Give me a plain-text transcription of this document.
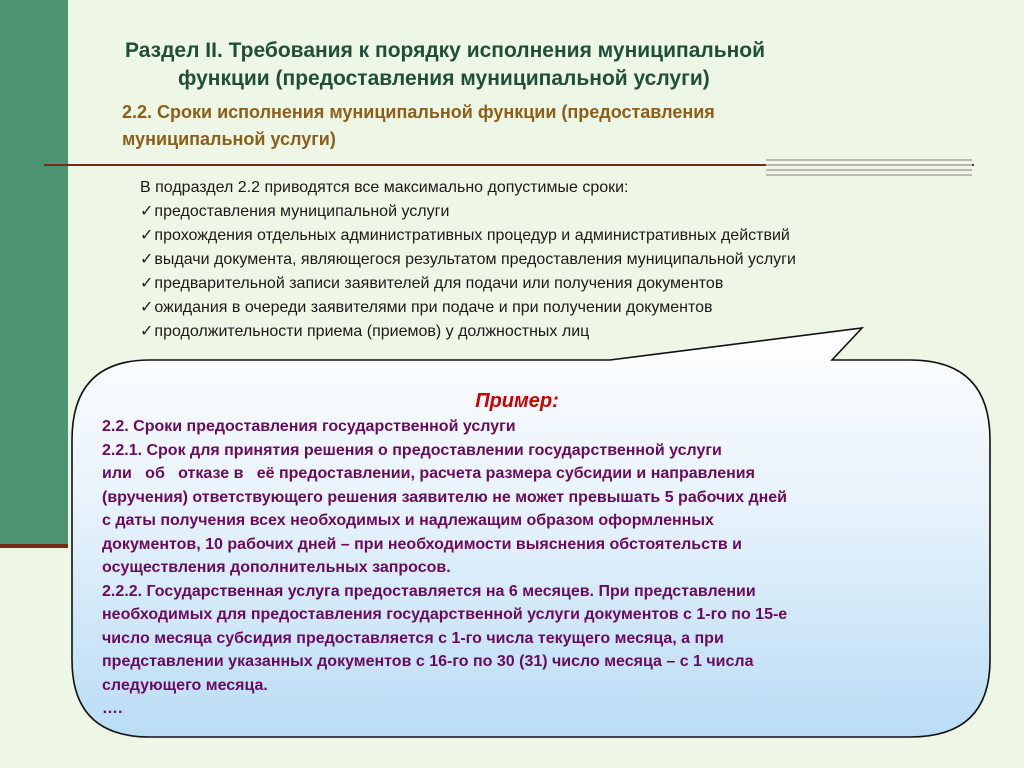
Раздел II. Требования к порядку исполнения муниципальной
функции (предоставления муниципальной услуги)
2.2. Сроки исполнения муниципальной функции (предоставления
муниципальной услуги)
В подраздел 2.2 приводятся все максимально допустимые сроки:
✓предоставления муниципальной услуги
✓прохождения отдельных административных процедур и административных действий
✓выдачи документа, являющегося результатом предоставления муниципальной услуги
✓предварительной записи заявителей для подачи или получения документов
✓ожидания в очереди заявителями при подаче и при получении документов
✓продолжительности приема (приемов) у должностных лиц
Пример:
2.2. Сроки предоставления государственной услуги
2.2.1. Срок для принятия решения о предоставлении государственной услуги
или   об   отказе в   её предоставлении, расчета размера субсидии и направления
(вручения) ответствующего решения заявителю не может превышать 5 рабочих дней
с даты получения всех необходимых и надлежащим образом оформленных
документов, 10 рабочих дней – при необходимости выяснения обстоятельств и
осуществления дополнительных запросов.
2.2.2. Государственная услуга предоставляется на 6 месяцев. При представлении
необходимых для предоставления государственной услуги документов с 1-го по 15-е
число месяца субсидия предоставляется с 1-го числа текущего месяца, а при
представлении указанных документов с 16-го по 30 (31) число месяца – с 1 числа
следующего месяца.
….
